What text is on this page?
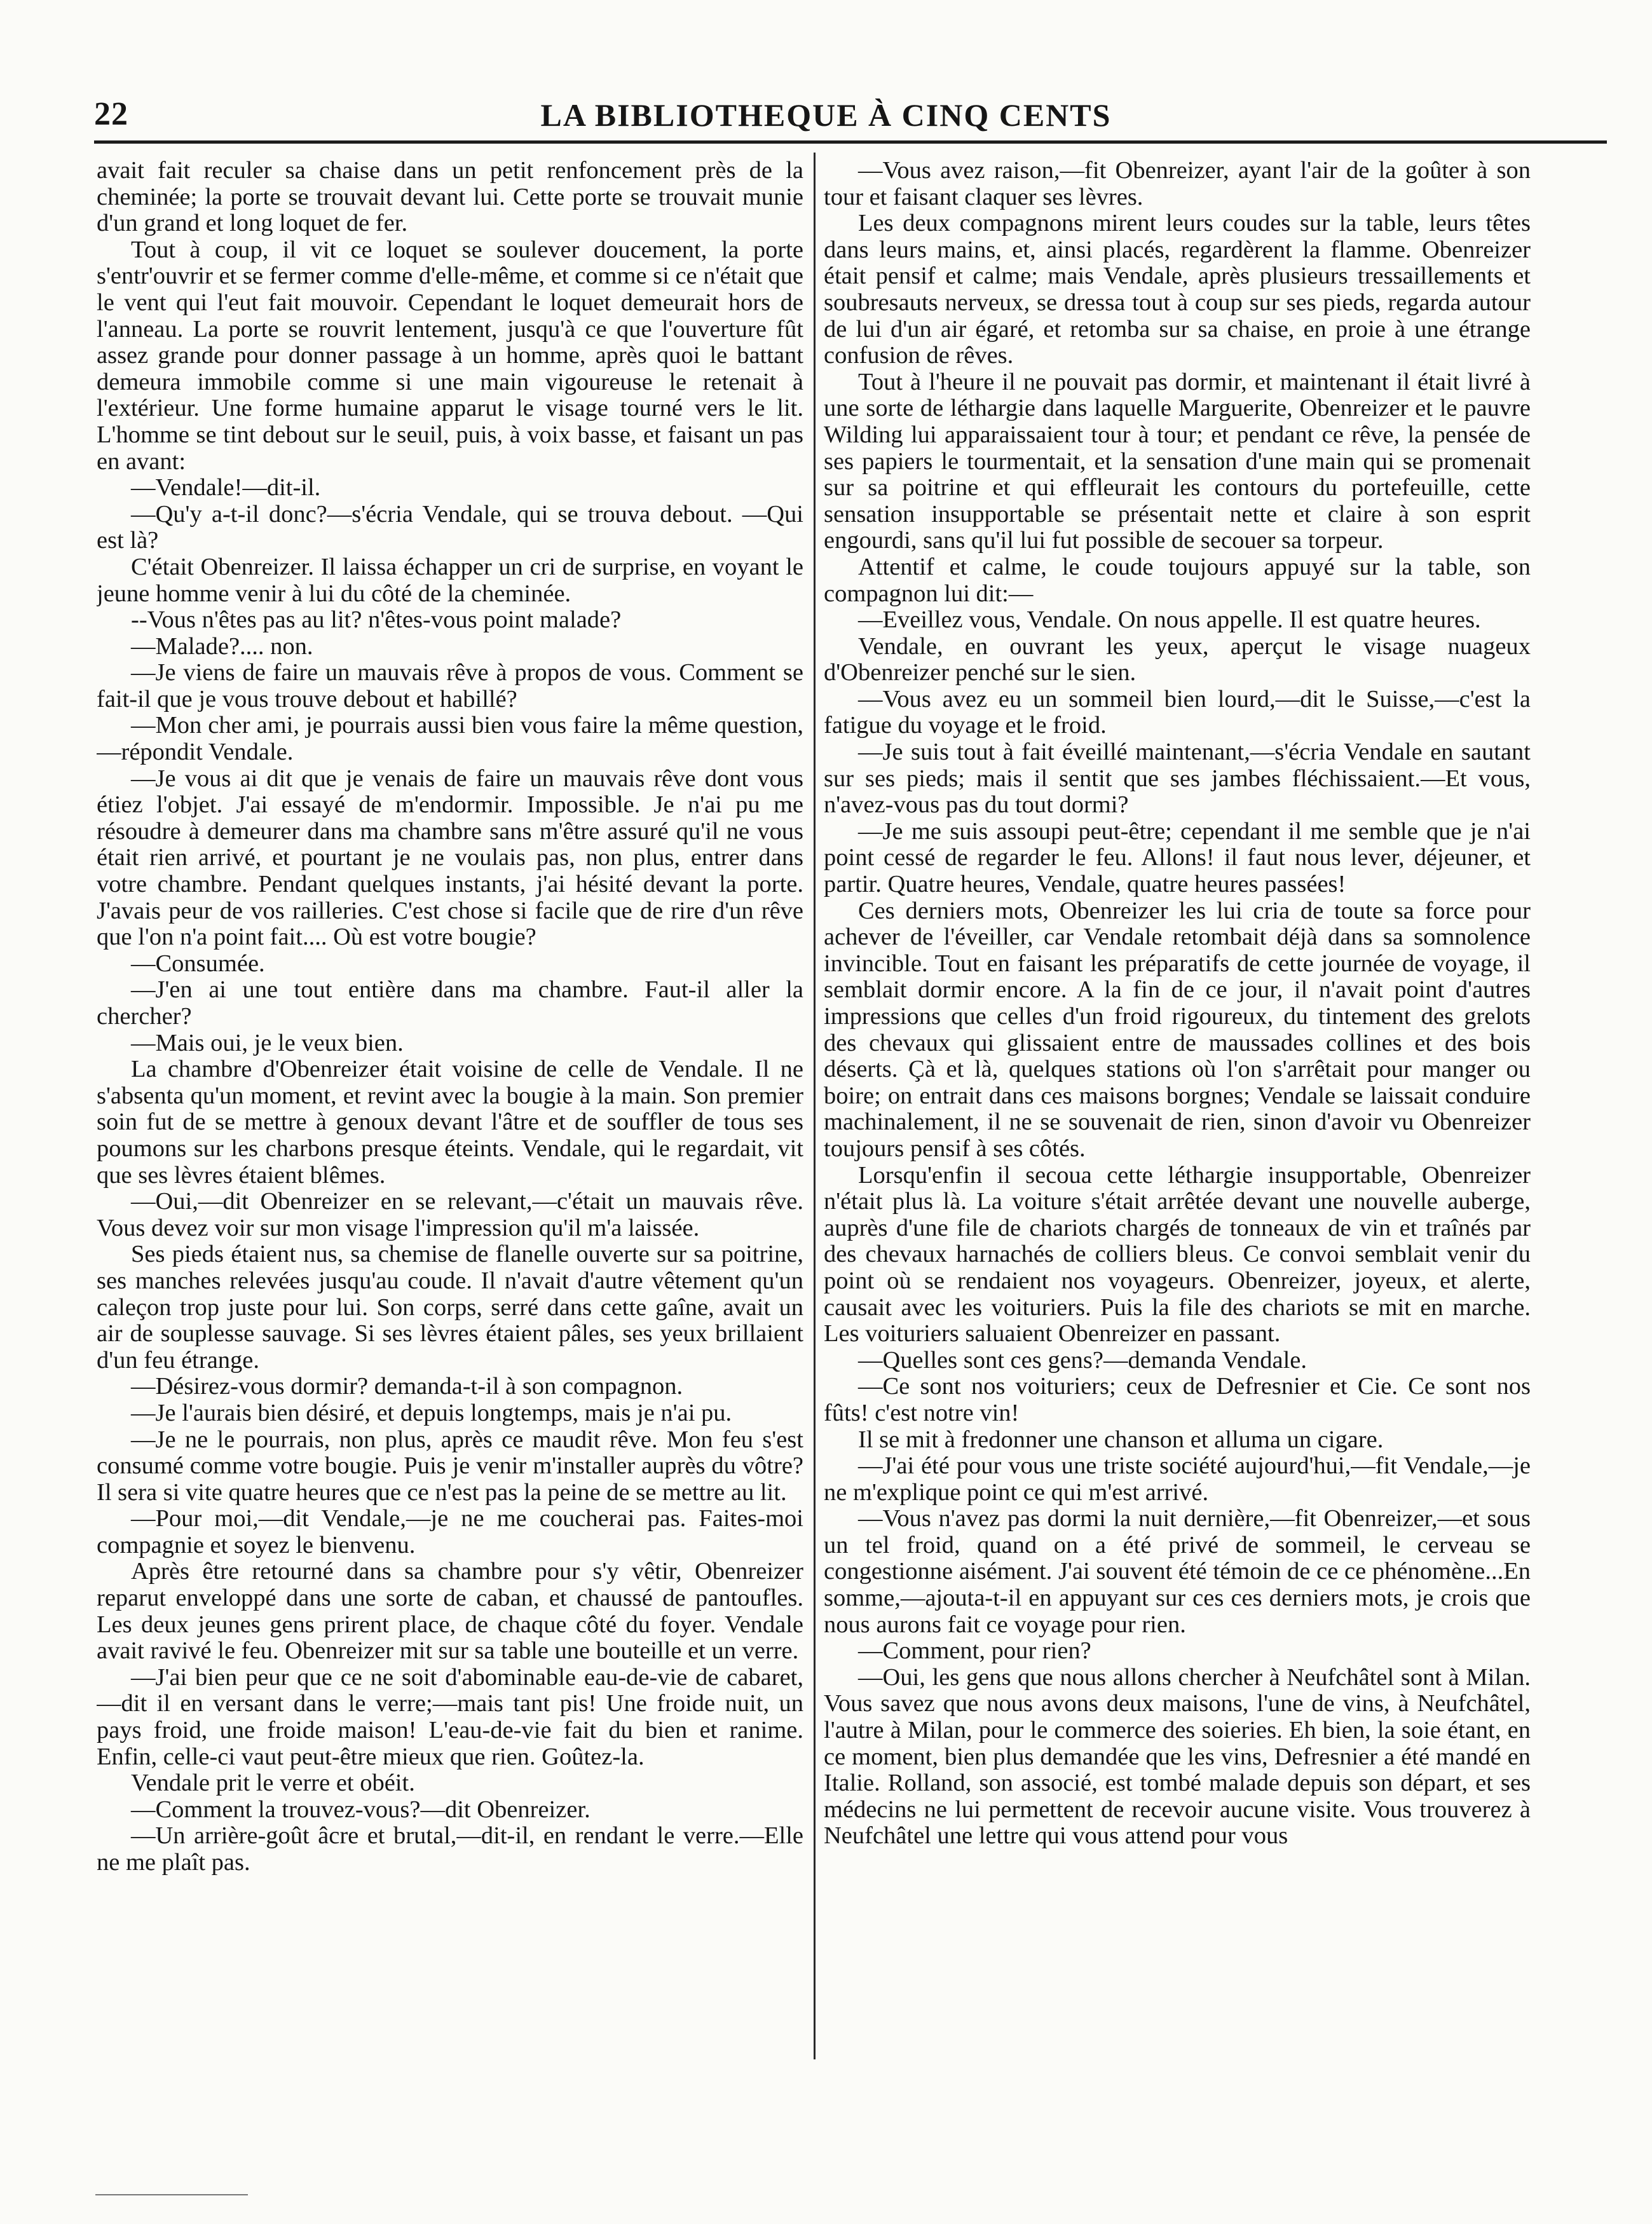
22	LA BIBLIOTHEQUE À CINQ CENTS

avait fait reculer sa chaise dans un petit renfoncement près de la cheminée; la porte se trouvait devant lui. Cette porte se trouvait munie d'un grand et long loquet de fer.

Tout à coup, il vit ce loquet se soulever doucement, la porte s'entr'ouvrir et se fermer comme d'elle-même, et comme si ce n'était que le vent qui l'eut fait mouvoir. Cependant le loquet demeurait hors de l'anneau. La porte se rouvrit lentement, jusqu'à ce que l'ouverture fût assez grande pour donner passage à un homme, après quoi le battant demeura immobile comme si une main vigoureuse le retenait à l'extérieur. Une forme humaine apparut le visage tourné vers le lit. L'homme se tint debout sur le seuil, puis, à voix basse, et faisant un pas en avant:

—Vendale!—dit-il.

—Qu'y a-t-il donc?—s'écria Vendale, qui se trouva debout. —Qui est là?

C'était Obenreizer. Il laissa échapper un cri de surprise, en voyant le jeune homme venir à lui du côté de la cheminée.

--Vous n'êtes pas au lit? n'êtes-vous point malade?

—Malade?.... non.

—Je viens de faire un mauvais rêve à propos de vous. Comment se fait-il que je vous trouve debout et habillé?

—Mon cher ami, je pourrais aussi bien vous faire la même question,—répondit Vendale.

—Je vous ai dit que je venais de faire un mauvais rêve dont vous étiez l'objet. J'ai essayé de m'endormir. Impossible. Je n'ai pu me résoudre à demeurer dans ma chambre sans m'être assuré qu'il ne vous était rien arrivé, et pourtant je ne voulais pas, non plus, entrer dans votre chambre. Pendant quelques instants, j'ai hésité devant la porte. J'avais peur de vos railleries. C'est chose si facile que de rire d'un rêve que l'on n'a point fait.... Où est votre bougie?

—Consumée.

—J'en ai une tout entière dans ma chambre. Faut-il aller la chercher?

—Mais oui, je le veux bien.

La chambre d'Obenreizer était voisine de celle de Vendale. Il ne s'absenta qu'un moment, et revint avec la bougie à la main. Son premier soin fut de se mettre à genoux devant l'âtre et de souffler de tous ses poumons sur les charbons presque éteints. Vendale, qui le regardait, vit que ses lèvres étaient blêmes.

—Oui,—dit Obenreizer en se relevant,—c'était un mauvais rêve. Vous devez voir sur mon visage l'impression qu'il m'a laissée.

Ses pieds étaient nus, sa chemise de flanelle ouverte sur sa poitrine, ses manches relevées jusqu'au coude. Il n'avait d'autre vêtement qu'un caleçon trop juste pour lui. Son corps, serré dans cette gaîne, avait un air de souplesse sauvage. Si ses lèvres étaient pâles, ses yeux brillaient d'un feu étrange.

—Désirez-vous dormir? demanda-t-il à son compagnon.

—Je l'aurais bien désiré, et depuis longtemps, mais je n'ai pu.

—Je ne le pourrais, non plus, après ce maudit rêve. Mon feu s'est consumé comme votre bougie. Puis je venir m'installer auprès du vôtre? Il sera si vite quatre heures que ce n'est pas la peine de se mettre au lit.

—Pour moi,—dit Vendale,—je ne me coucherai pas. Faites-moi compagnie et soyez le bienvenu.

Après être retourné dans sa chambre pour s'y vêtir, Obenreizer reparut enveloppé dans une sorte de caban, et chaussé de pantoufles. Les deux jeunes gens prirent place, de chaque côté du foyer. Vendale avait ravivé le feu. Obenreizer mit sur sa table une bouteille et un verre.

—J'ai bien peur que ce ne soit d'abominable eau-de-vie de cabaret,—dit il en versant dans le verre;—mais tant pis! Une froide nuit, un pays froid, une froide maison! L'eau-de-vie fait du bien et ranime. Enfin, celle-ci vaut peut-être mieux que rien. Goûtez-la.

Vendale prit le verre et obéit.

—Comment la trouvez-vous?—dit Obenreizer.

—Un arrière-goût âcre et brutal,—dit-il, en rendant le verre.—Elle ne me plaît pas.

—Vous avez raison,—fit Obenreizer, ayant l'air de la goûter à son tour et faisant claquer ses lèvres.

Les deux compagnons mirent leurs coudes sur la table, leurs têtes dans leurs mains, et, ainsi placés, regardèrent la flamme. Obenreizer était pensif et calme; mais Vendale, après plusieurs tressaillements et soubresauts nerveux, se dressa tout à coup sur ses pieds, regarda autour de lui d'un air égaré, et retomba sur sa chaise, en proie à une étrange confusion de rêves.

Tout à l'heure il ne pouvait pas dormir, et maintenant il était livré à une sorte de léthargie dans laquelle Marguerite, Obenreizer et le pauvre Wilding lui apparaissaient tour à tour; et pendant ce rêve, la pensée de ses papiers le tourmentait, et la sensation d'une main qui se promenait sur sa poitrine et qui effleurait les contours du portefeuille, cette sensation insupportable se présentait nette et claire à son esprit engourdi, sans qu'il lui fut possible de secouer sa torpeur.

Attentif et calme, le coude toujours appuyé sur la table, son compagnon lui dit:—

—Eveillez vous, Vendale. On nous appelle. Il est quatre heures.

Vendale, en ouvrant les yeux, aperçut le visage nuageux d'Obenreizer penché sur le sien.

—Vous avez eu un sommeil bien lourd,—dit le Suisse,—c'est la fatigue du voyage et le froid.

—Je suis tout à fait éveillé maintenant,—s'écria Vendale en sautant sur ses pieds; mais il sentit que ses jambes fléchissaient.—Et vous, n'avez-vous pas du tout dormi?

—Je me suis assoupi peut-être; cependant il me semble que je n'ai point cessé de regarder le feu. Allons! il faut nous lever, déjeuner, et partir. Quatre heures, Vendale, quatre heures passées!

Ces derniers mots, Obenreizer les lui cria de toute sa force pour achever de l'éveiller, car Vendale retombait déjà dans sa somnolence invincible. Tout en faisant les préparatifs de cette journée de voyage, il semblait dormir encore. A la fin de ce jour, il n'avait point d'autres impressions que celles d'un froid rigoureux, du tintement des grelots des chevaux qui glissaient entre de maussades collines et des bois déserts. Çà et là, quelques stations où l'on s'arrêtait pour manger ou boire; on entrait dans ces maisons borgnes; Vendale se laissait conduire machinalement, il ne se souvenait de rien, sinon d'avoir vu Obenreizer toujours pensif à ses côtés.

Lorsqu'enfin il secoua cette léthargie insupportable, Obenreizer n'était plus là. La voiture s'était arrêtée devant une nouvelle auberge, auprès d'une file de chariots chargés de tonneaux de vin et traînés par des chevaux harnachés de colliers bleus. Ce convoi semblait venir du point où se rendaient nos voyageurs. Obenreizer, joyeux, et alerte, causait avec les voituriers. Puis la file des chariots se mit en marche. Les voituriers saluaient Obenreizer en passant.

—Quelles sont ces gens?—demanda Vendale.

—Ce sont nos voituriers; ceux de Defresnier et Cie. Ce sont nos fûts! c'est notre vin!

Il se mit à fredonner une chanson et alluma un cigare.

—J'ai été pour vous une triste société aujourd'hui,—fit Vendale,—je ne m'explique point ce qui m'est arrivé.

—Vous n'avez pas dormi la nuit dernière,—fit Obenreizer,—et sous un tel froid, quand on a été privé de sommeil, le cerveau se congestionne aisément. J'ai souvent été témoin de ce ce phénomène...En somme,—ajouta-t-il en appuyant sur ces ces derniers mots, je crois que nous aurons fait ce voyage pour rien.

—Comment, pour rien?

—Oui, les gens que nous allons chercher à Neufchâtel sont à Milan. Vous savez que nous avons deux maisons, l'une de vins, à Neufchâtel, l'autre à Milan, pour le commerce des soieries. Eh bien, la soie étant, en ce moment, bien plus demandée que les vins, Defresnier a été mandé en Italie. Rolland, son associé, est tombé malade depuis son départ, et ses médecins ne lui permettent de recevoir aucune visite. Vous trouverez à Neufchâtel une lettre qui vous attend pour vous
